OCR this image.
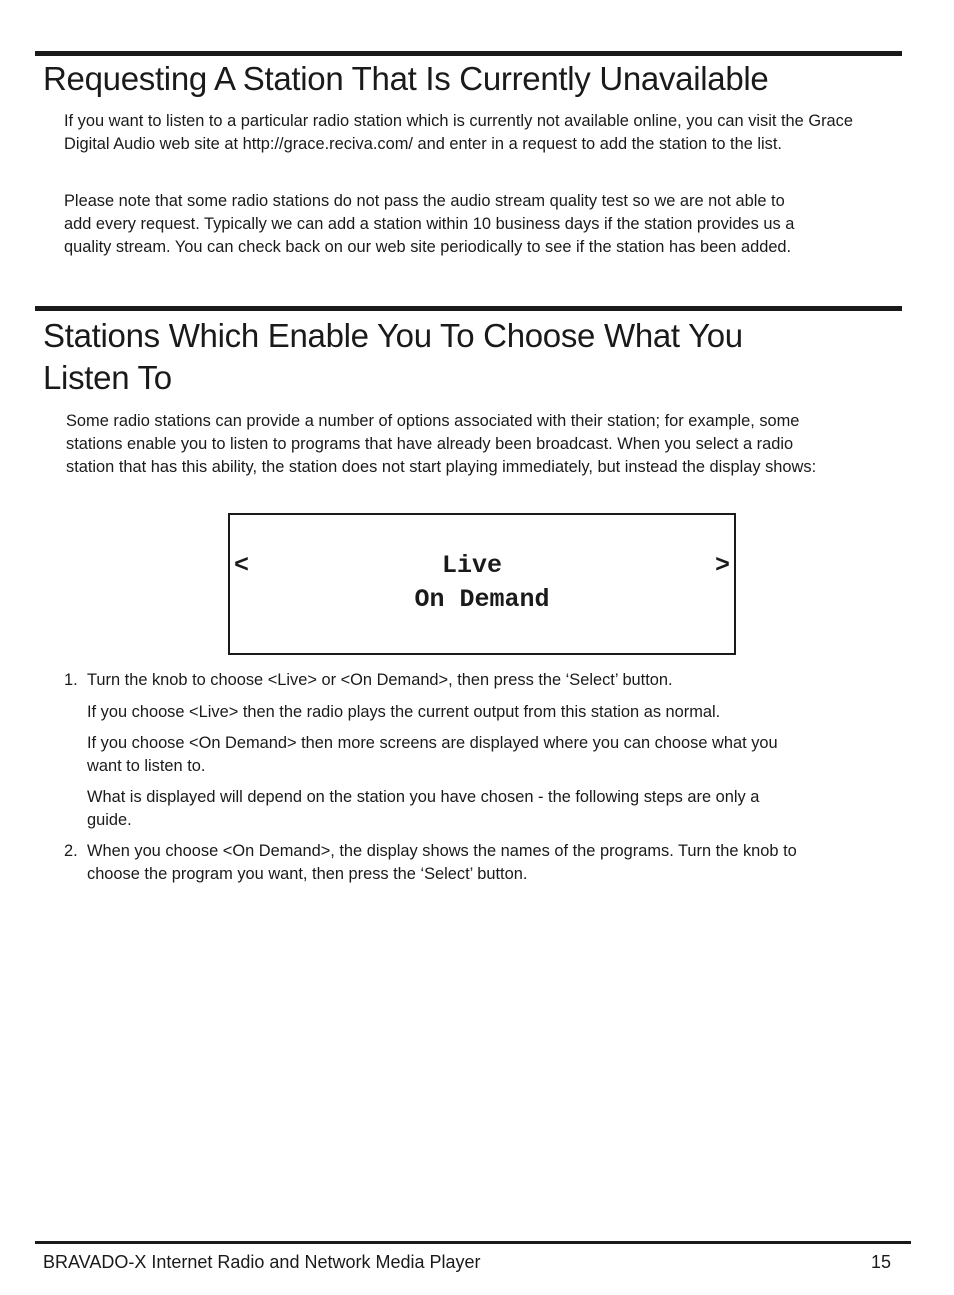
Requesting A Station That Is Currently Unavailable

If you want to listen to a particular radio station which is currently not available online, you can visit the Grace Digital Audio web site at http://grace.reciva.com/ and enter in a request to add the station to the list.

Please note that some radio stations do not pass the audio stream quality test so we are not able to add every request. Typically we can add a station within 10 business days if the station provides us a quality stream. You can check back on our web site periodically to see if the station has been added.

Stations Which Enable You To Choose What You Listen To

Some radio stations can provide a number of options associated with their station; for example, some stations enable you to listen to programs that have already been broadcast. When you select a radio station that has this ability, the station does not start playing immediately, but instead the display shows:

<	Live
On Demand
>
1. Turn the knob to choose <Live> or <On Demand>, then press the ‘Select’ button.

If you choose <Live> then the radio plays the current output from this station as normal.

If you choose <On Demand> then more screens are displayed where you can choose what you want to listen to.

What is displayed will depend on the station you have chosen - the following steps are only a guide.

2. When you choose <On Demand>, the display shows the names of the programs. Turn the knob to choose the program you want, then press the ‘Select’ button.

BRAVADO-X Internet Radio and Network Media Player	15
